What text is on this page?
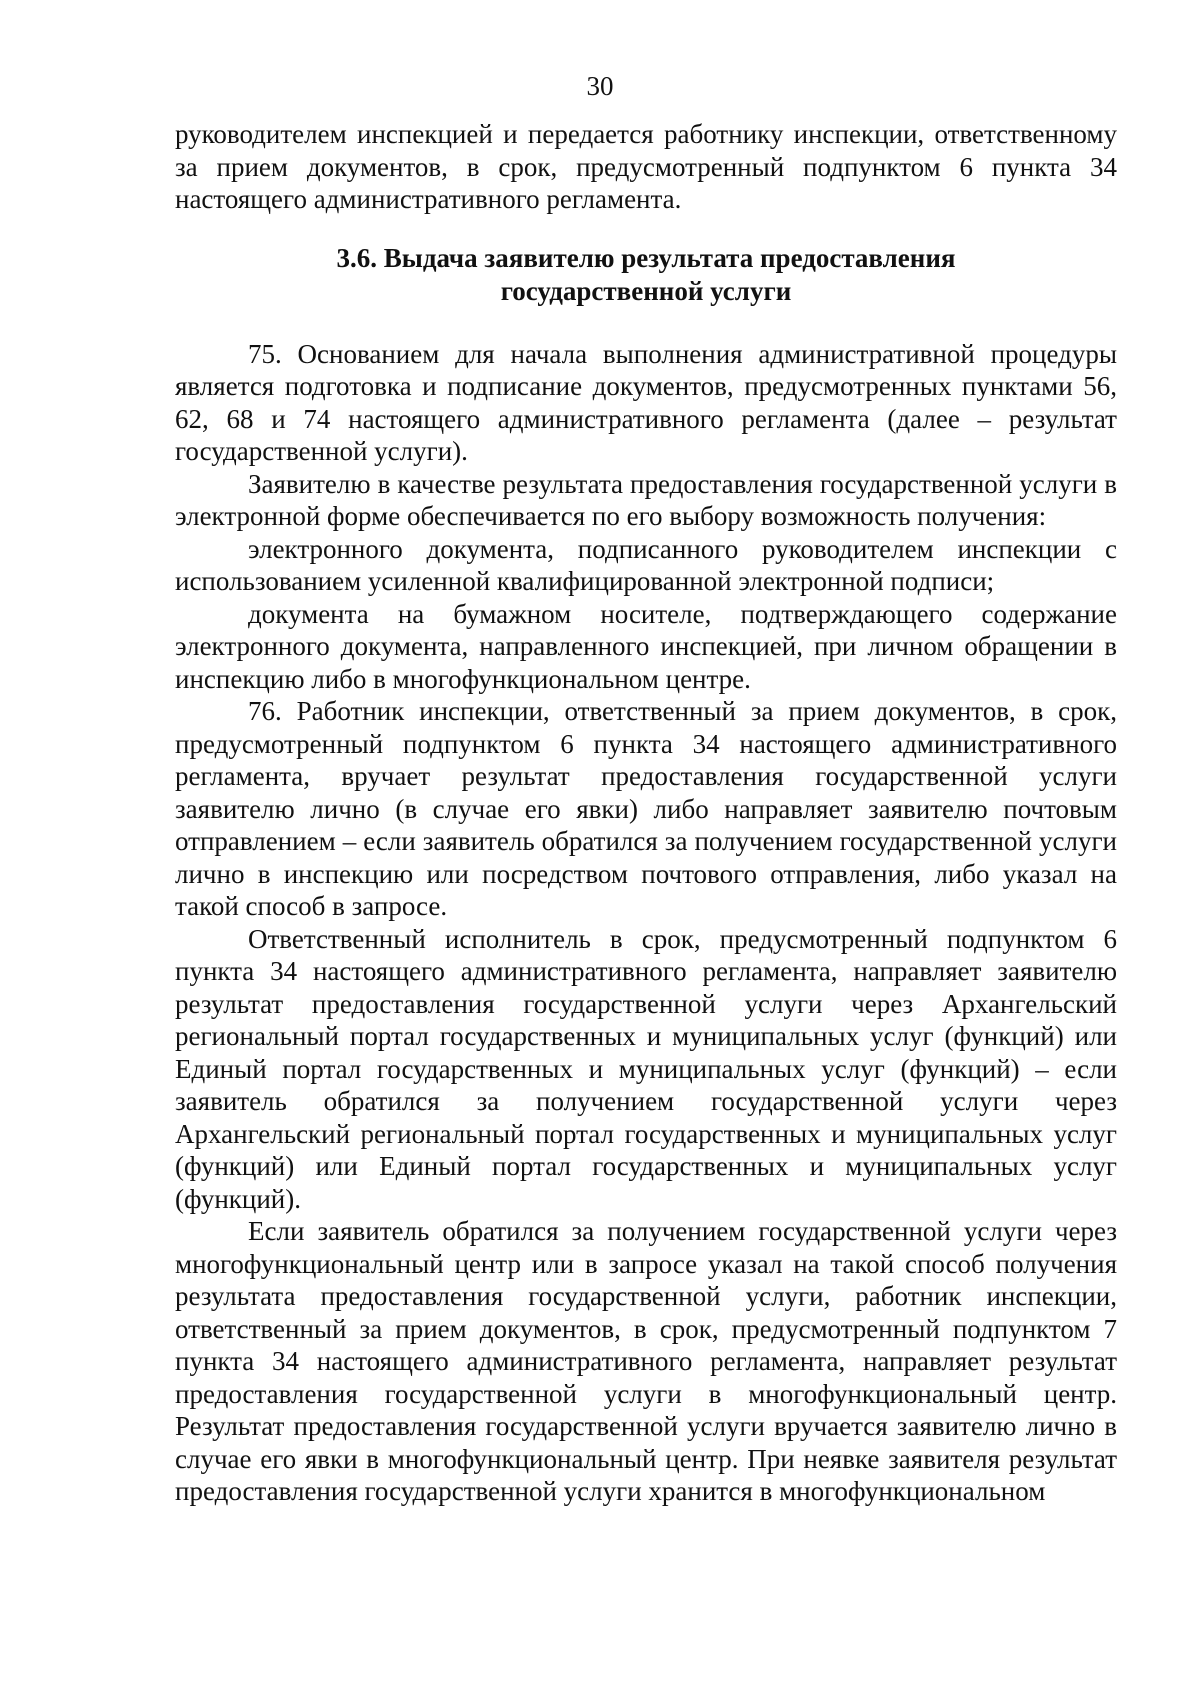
30

руководителем инспекцией и передается работнику инспекции, ответственному за прием документов, в срок, предусмотренный подпунктом 6 пункта 34 настоящего административного регламента.

3.6. Выдача заявителю результата предоставления
государственной услуги

75. Основанием для начала выполнения административной процедуры является подготовка и подписание документов, предусмотренных пунктами 56, 62, 68 и 74 настоящего административного регламента (далее – результат государственной услуги).

Заявителю в качестве результата предоставления государственной услуги в электронной форме обеспечивается по его выбору возможность получения:

электронного документа, подписанного руководителем инспекции с использованием усиленной квалифицированной электронной подписи;

документа на бумажном носителе, подтверждающего содержание электронного документа, направленного инспекцией, при личном обращении в инспекцию либо в многофункциональном центре.

76. Работник инспекции, ответственный за прием документов, в срок, предусмотренный подпунктом 6 пункта 34 настоящего административного регламента, вручает результат предоставления государственной услуги заявителю лично (в случае его явки) либо направляет заявителю почтовым отправлением – если заявитель обратился за получением государственной услуги лично в инспекцию или посредством почтового отправления, либо указал на такой способ в запросе.

Ответственный исполнитель в срок, предусмотренный подпунктом 6 пункта 34 настоящего административного регламента, направляет заявителю результат предоставления государственной услуги через Архангельский региональный портал государственных и муниципальных услуг (функций) или Единый портал государственных и муниципальных услуг (функций) – если заявитель обратился за получением государственной услуги через Архангельский региональный портал государственных и муниципальных услуг (функций) или Единый портал государственных и муниципальных услуг (функций).

Если заявитель обратился за получением государственной услуги через многофункциональный центр или в запросе указал на такой способ получения результата предоставления государственной услуги, работник инспекции, ответственный за прием документов, в срок, предусмотренный подпунктом 7 пункта 34 настоящего административного регламента, направляет результат предоставления государственной услуги в многофункциональный центр. Результат предоставления государственной услуги вручается заявителю лично в случае его явки в многофункциональный центр. При неявке заявителя результат предоставления государственной услуги хранится в многофункциональном
